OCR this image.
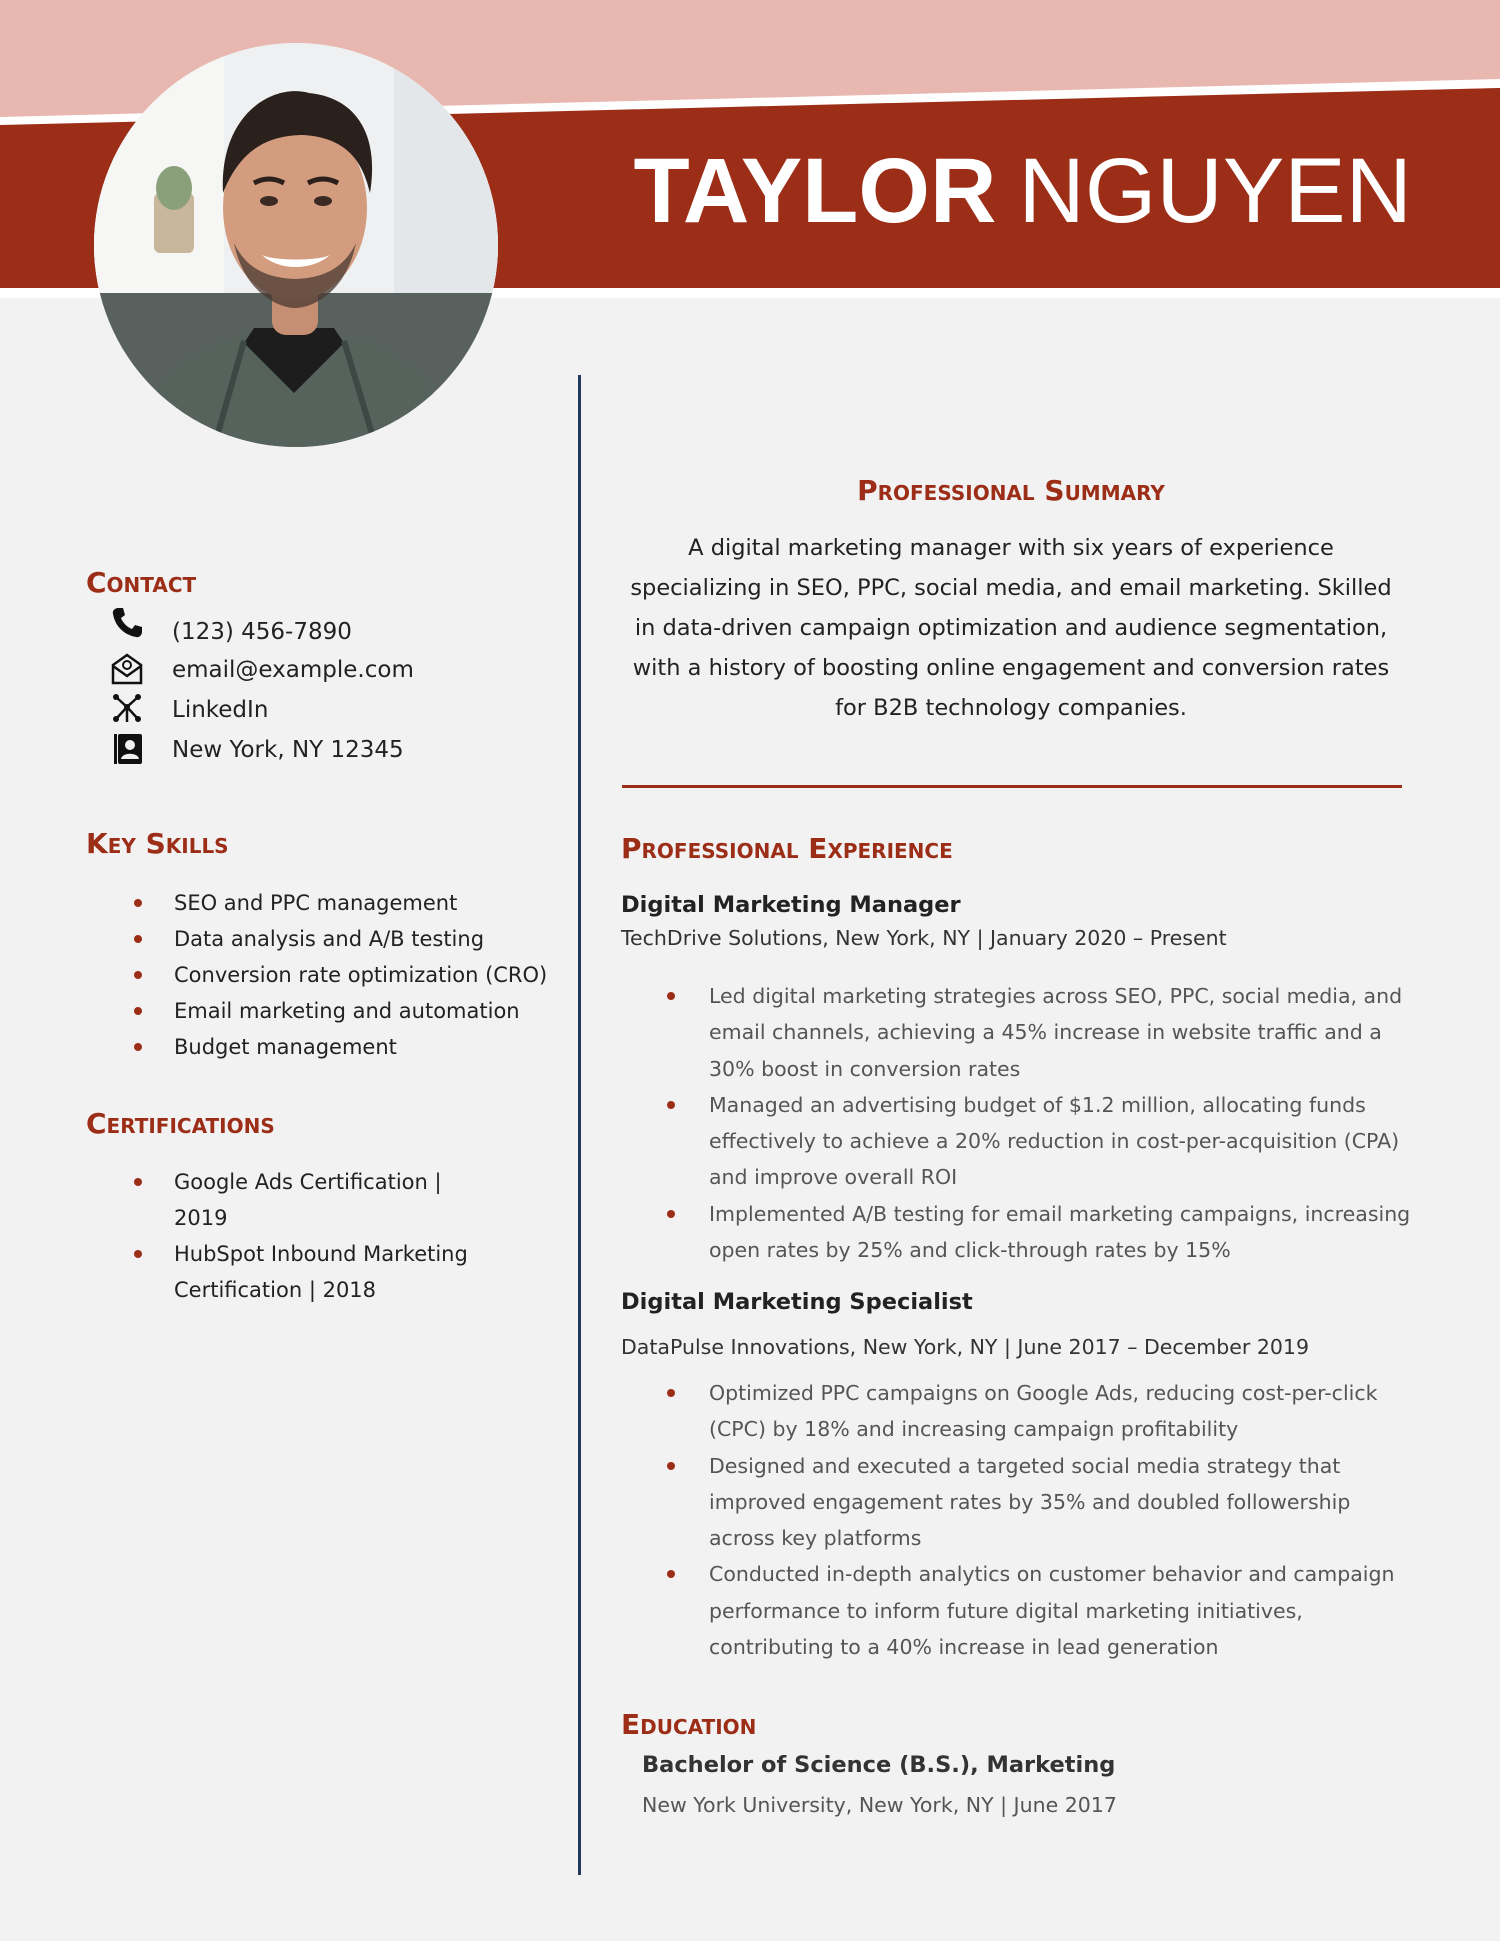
TAYLOR NGUYEN
Contact
(123) 456-7890
email@example.com
LinkedIn
New York, NY 12345
Key Skills
SEO and PPC management
Data analysis and A/B testing
Conversion rate optimization (CRO)
Email marketing and automation
Budget management
Certifications
Google Ads Certification | 2019
HubSpot Inbound Marketing Certification | 2018
Professional Summary
A digital marketing manager with six years of experience specializing in SEO, PPC, social media, and email marketing. Skilled in data-driven campaign optimization and audience segmentation, with a history of boosting online engagement and conversion rates for B2B technology companies.
Professional Experience
Digital Marketing Manager
TechDrive Solutions, New York, NY | January 2020 – Present
Led digital marketing strategies across SEO, PPC, social media, and email channels, achieving a 45% increase in website traffic and a 30% boost in conversion rates
Managed an advertising budget of $1.2 million, allocating funds effectively to achieve a 20% reduction in cost-per-acquisition (CPA) and improve overall ROI
Implemented A/B testing for email marketing campaigns, increasing open rates by 25% and click-through rates by 15%
Digital Marketing Specialist
DataPulse Innovations, New York, NY | June 2017 – December 2019
Optimized PPC campaigns on Google Ads, reducing cost-per-click (CPC) by 18% and increasing campaign profitability
Designed and executed a targeted social media strategy that improved engagement rates by 35% and doubled followership across key platforms
Conducted in-depth analytics on customer behavior and campaign performance to inform future digital marketing initiatives, contributing to a 40% increase in lead generation
Education
Bachelor of Science (B.S.), Marketing
New York University, New York, NY | June 2017
